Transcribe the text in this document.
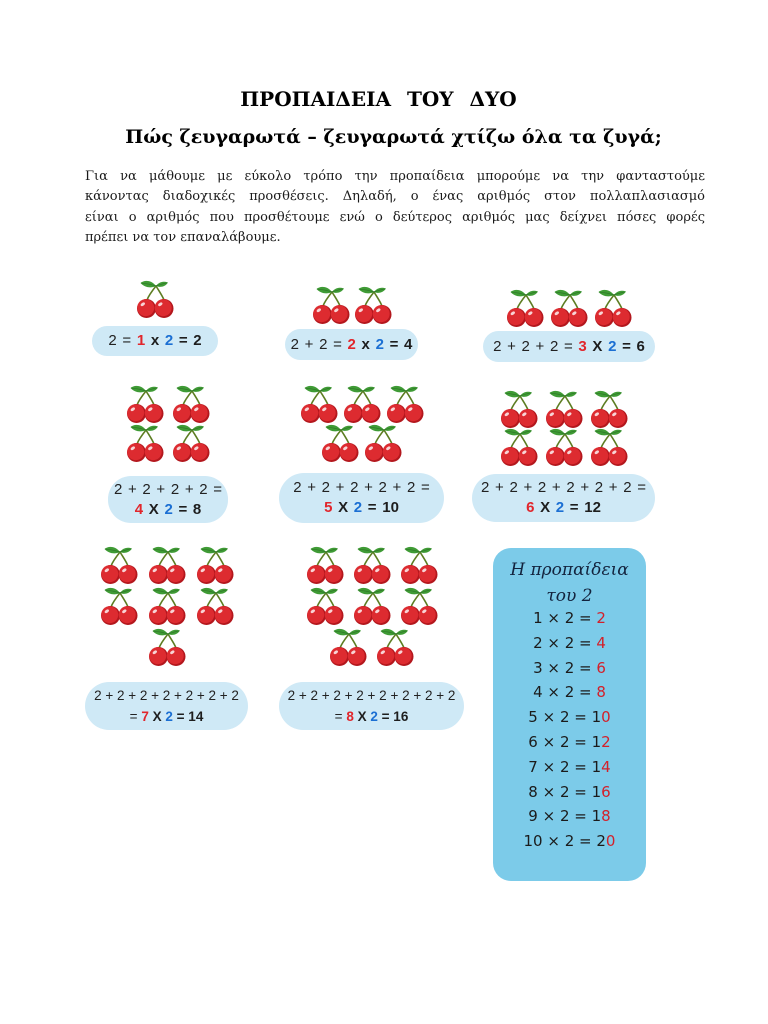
ΠΡΟΠΑΙΔΕΙΑ ΤΟΥ ΔΥΟ
Πώς ζευγαρωτά – ζευγαρωτά χτίζω όλα τα ζυγά;
Για να μάθουμε με εύκολο τρόπο την προπαίδεια μπορούμε να την φανταστούμε
κάνοντας διαδοχικές προσθέσεις. Δηλαδή, ο ένας αριθμός στον πολλαπλασιασμό
είναι ο αριθμός που προσθέτουμε ενώ ο δεύτερος αριθμός μας δείχνει πόσες φορές
πρέπει να τον επαναλάβουμε.
2 = 1 x 2 = 2	2 + 2 = 2 x 2 = 4	2 + 2 + 2 = 3 X 2 = 6
2 + 2 + 2 + 2 =
4 X 2 = 8
2 + 2 + 2 + 2 + 2 =
5 X 2 = 10
2 + 2 + 2 + 2 + 2 + 2 =
6 X 2 = 12
2 + 2 + 2 + 2 + 2 + 2 + 2
= 7 X 2 = 14
2 + 2 + 2 + 2 + 2 + 2 + 2 + 2
= 8 X 2 = 16
Η προπαίδεια
του 2
1 × 2 = 2
2 × 2 = 4
3 × 2 = 6
4 × 2 = 8
5 × 2 = 10
6 × 2 = 12
7 × 2 = 14
8 × 2 = 16
9 × 2 = 18
10 × 2 = 20
